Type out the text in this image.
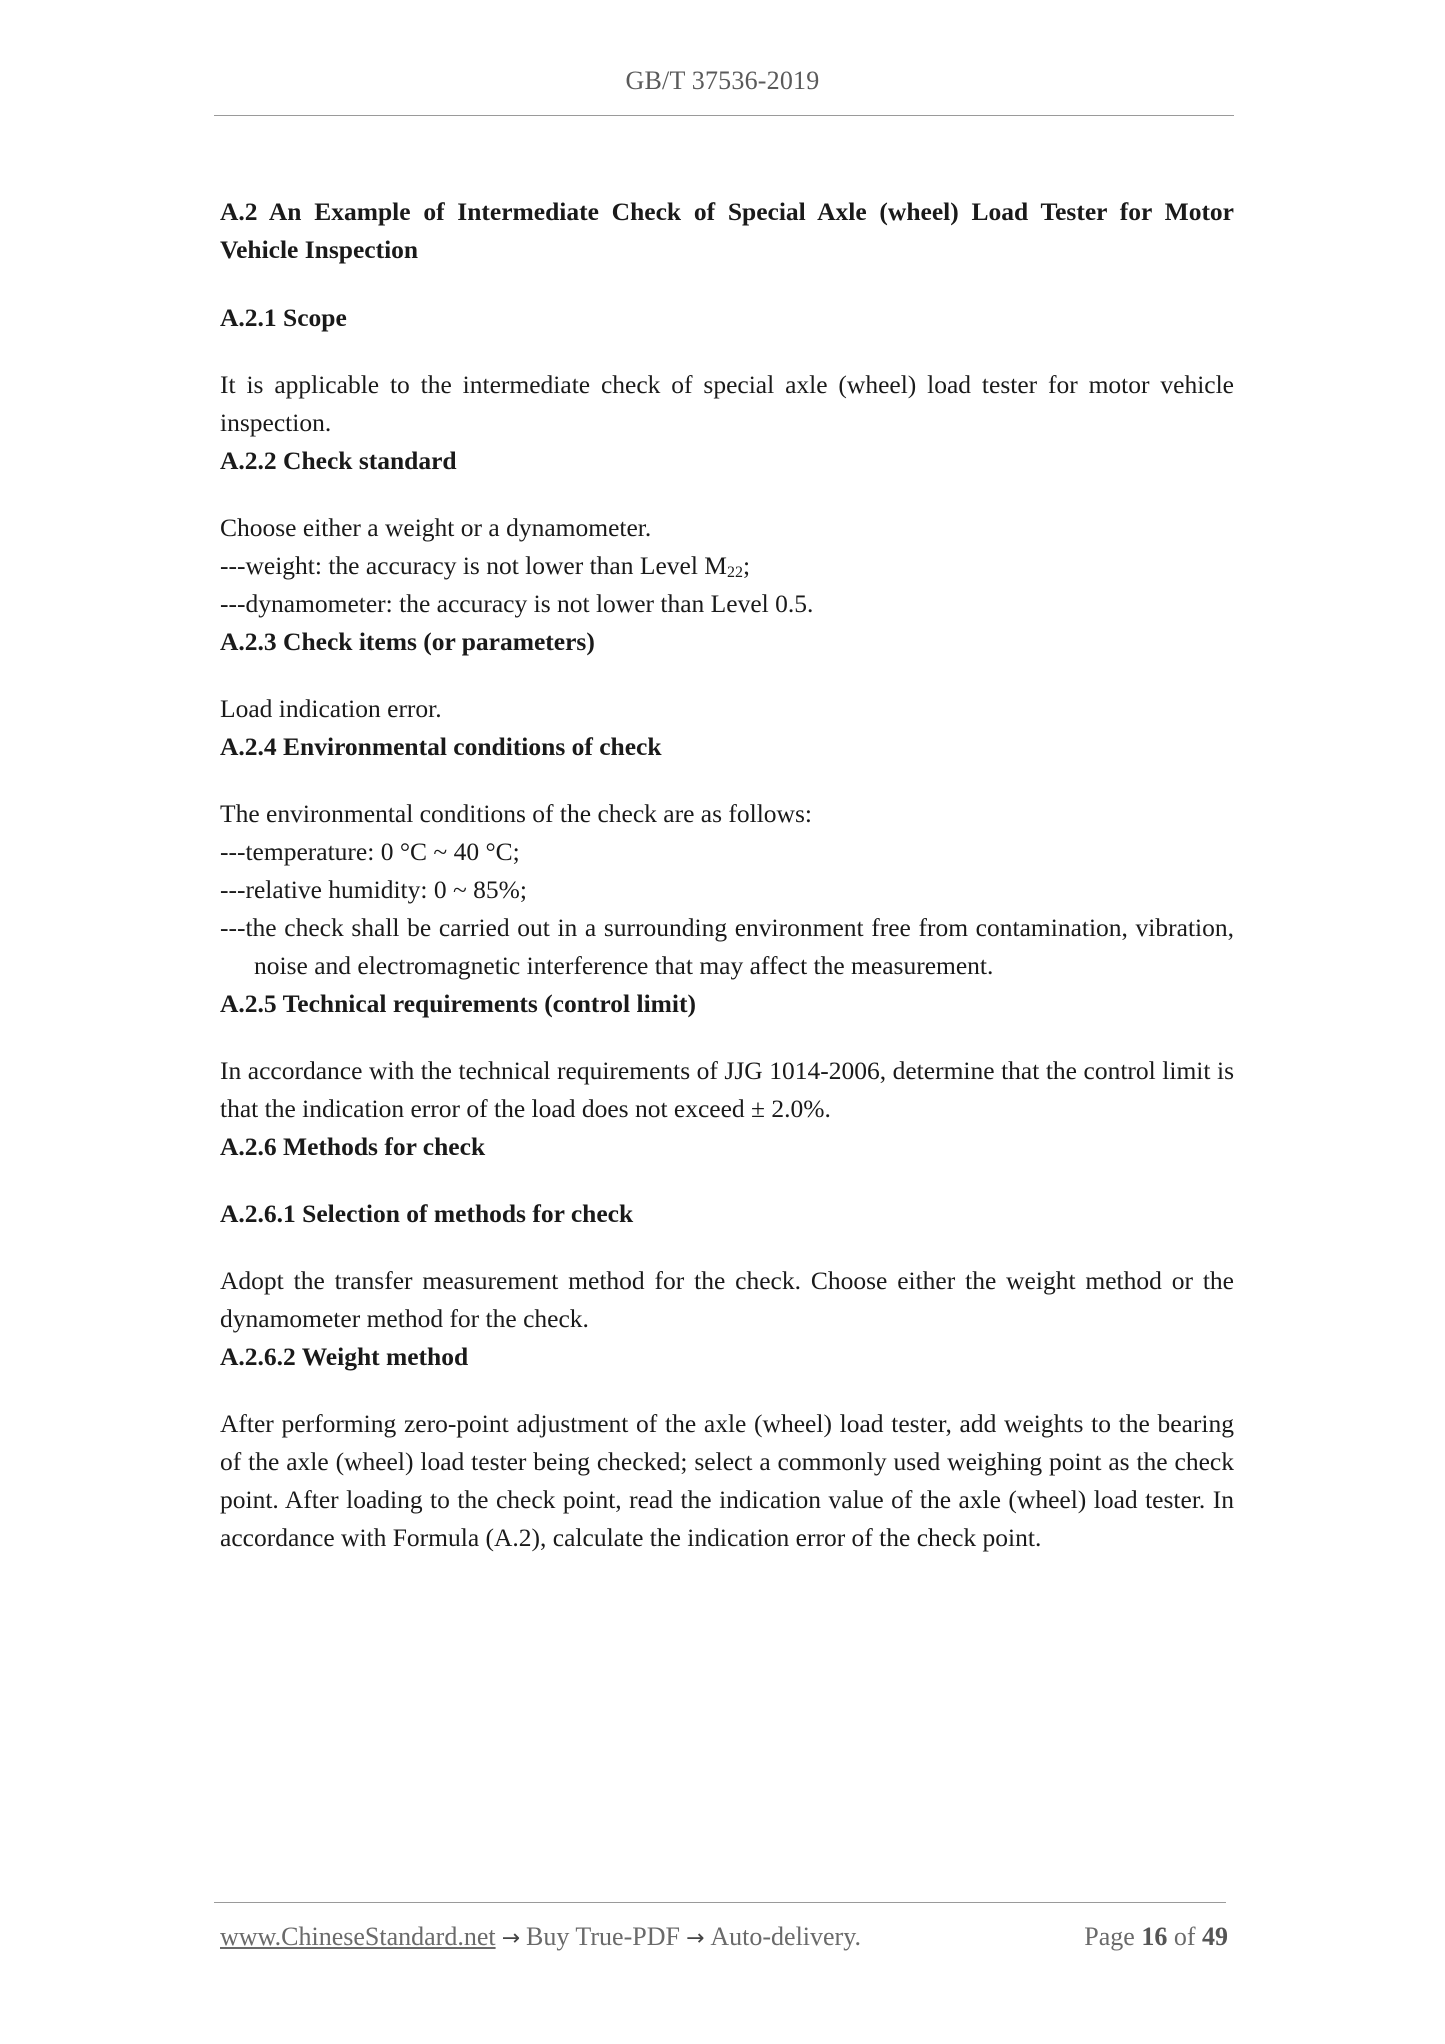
GB/T 37536-2019
A.2 An Example of Intermediate Check of Special Axle (wheel) Load Tester for Motor Vehicle Inspection
A.2.1 Scope

It is applicable to the intermediate check of special axle (wheel) load tester for motor vehicle inspection.

A.2.2 Check standard

Choose either a weight or a dynamometer.

---weight: the accuracy is not lower than Level $M_{22}$;

---dynamometer: the accuracy is not lower than Level 0.5.

A.2.3 Check items (or parameters)

Load indication error.

A.2.4 Environmental conditions of check

The environmental conditions of the check are as follows:

---temperature: 0 °C ~ 40 °C;

---relative humidity: 0 ~ 85%;

---the check shall be carried out in a surrounding environment free from contamination, vibration, noise and electromagnetic interference that may affect the measurement.

A.2.5 Technical requirements (control limit)

In accordance with the technical requirements of JJG 1014-2006, determine that the control limit is that the indication error of the load does not exceed ± 2.0%.

A.2.6 Methods for check
A.2.6.1 Selection of methods for check

Adopt the transfer measurement method for the check. Choose either the weight method or the dynamometer method for the check.

A.2.6.2 Weight method

After performing zero-point adjustment of the axle (wheel) load tester, add weights to the bearing of the axle (wheel) load tester being checked; select a commonly used weighing point as the check point. After loading to the check point, read the indication value of the axle (wheel) load tester. In accordance with Formula (A.2), calculate the indication error of the check point.

www.ChineseStandard.net → Buy True-PDF → Auto-delivery.	Page 16 of 49
